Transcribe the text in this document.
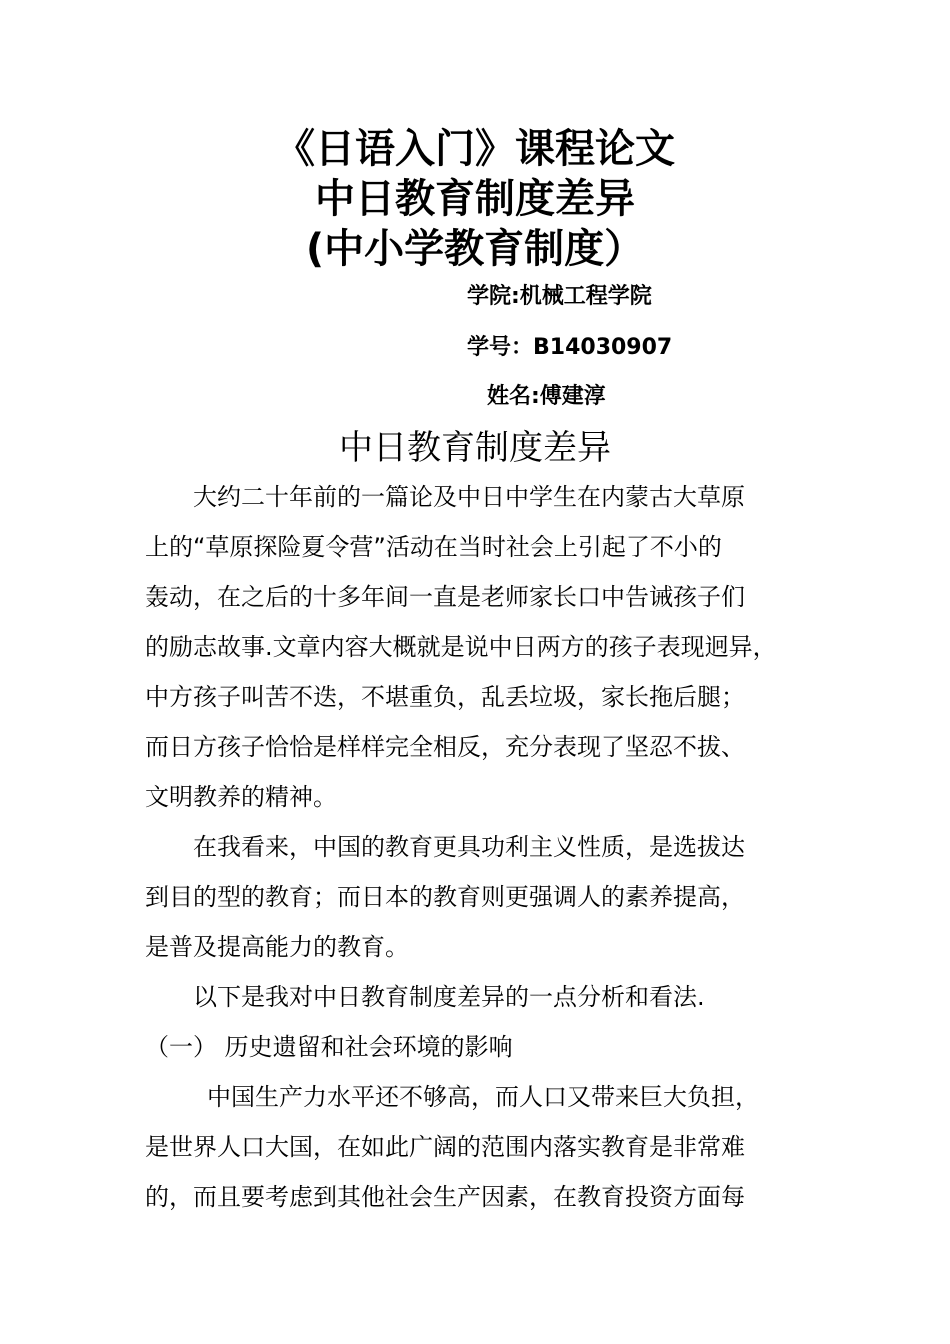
《日语入门》课程论文
中日教育制度差异
(中小学教育制度）
学院:机械工程学院
学号：B14030907
姓名:傅建淳
中日教育制度差异
大约二十年前的一篇论及中日中学生在内蒙古大草原
上的“草原探险夏令营”活动在当时社会上引起了不小的
轰动，在之后的十多年间一直是老师家长口中告诫孩子们
的励志故事.文章内容大概就是说中日两方的孩子表现迥异，
中方孩子叫苦不迭，不堪重负，乱丢垃圾，家长拖后腿；
而日方孩子恰恰是样样完全相反，充分表现了坚忍不拔、
文明教养的精神。
在我看来，中国的教育更具功利主义性质，是选拔达
到目的型的教育；而日本的教育则更强调人的素养提高，
是普及提高能力的教育。
以下是我对中日教育制度差异的一点分析和看法.
（一） 历史遗留和社会环境的影响
中国生产力水平还不够高，而人口又带来巨大负担，
是世界人口大国，在如此广阔的范围内落实教育是非常难
的，而且要考虑到其他社会生产因素，在教育投资方面每
